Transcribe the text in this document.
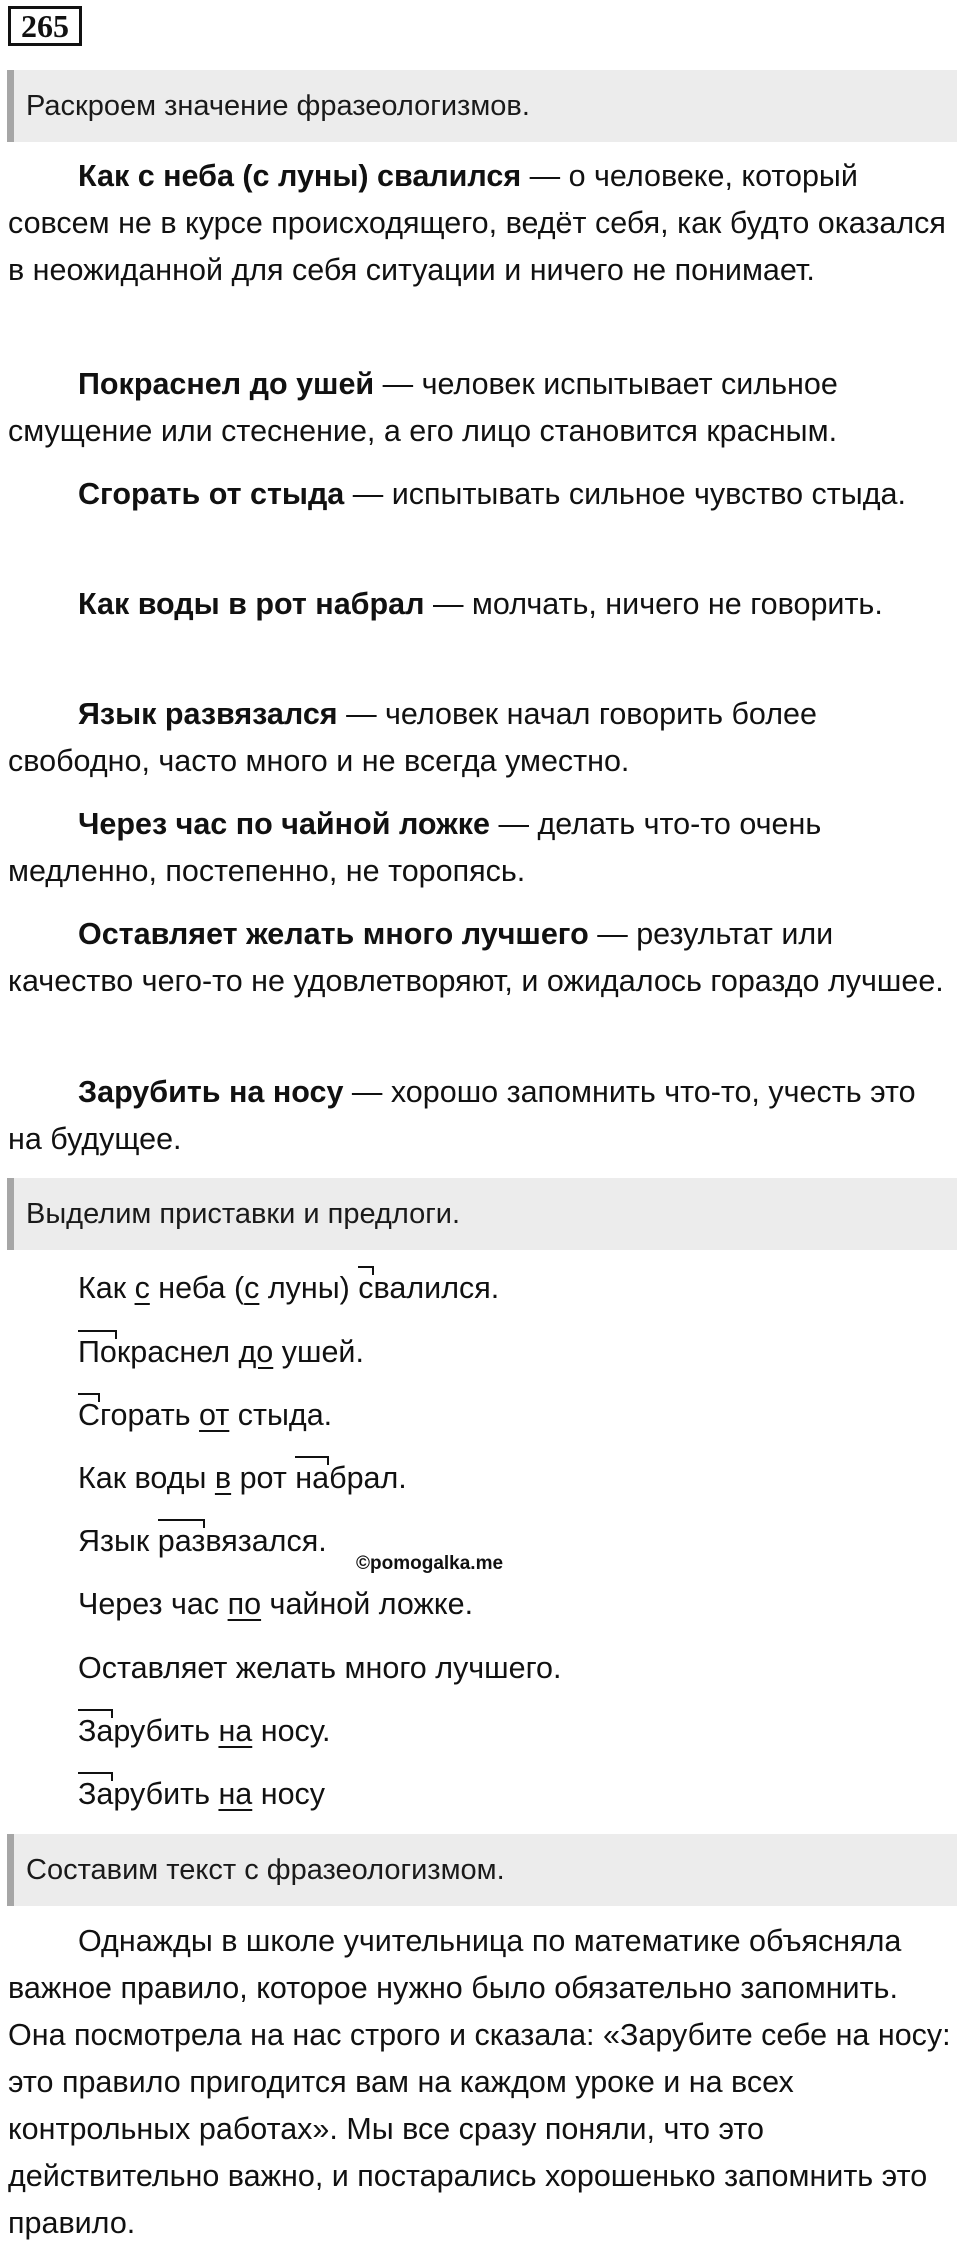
265
Раскроем значение фразеологизмов.
Как с неба (с луны) свалился — о человеке, который совсем не в курсе происходящего, ведёт себя, как будто оказался в неожиданной для себя ситуации и ничего не понимает.
Покраснел до ушей — человек испытывает сильное смущение или стеснение, а его лицо становится красным.
Сгорать от стыда — испытывать сильное чувство стыда.
Как воды в рот набрал — молчать, ничего не говорить.
Язык развязался — человек начал говорить более свободно, часто много и не всегда уместно.
Через час по чайной ложке — делать что-то очень медленно, постепенно, не торопясь.
Оставляет желать много лучшего — результат или качество чего-то не удовлетворяют, и ожидалось гораздо лучшее.
Зарубить на носу — хорошо запомнить что-то, учесть это на будущее.
Выделим приставки и предлоги.
Как с неба (с луны) свалился.
Покраснел до ушей.
Сгорать от стыда.
Как воды в рот набрал.
Язык развязался.
©pomogalka.me
Через час по чайной ложке.
Оставляет желать много лучшего.
Зарубить на носу.
Зарубить на носу
Составим текст с фразеологизмом.
Однажды в школе учительница по математике объясняла важное правило, которое нужно было обязательно запомнить. Она посмотрела на нас строго и сказала: «Зарубите себе на носу: это правило пригодится вам на каждом уроке и на всех контрольных работах». Мы все сразу поняли, что это действительно важно, и постарались хорошенько запомнить это правило.
